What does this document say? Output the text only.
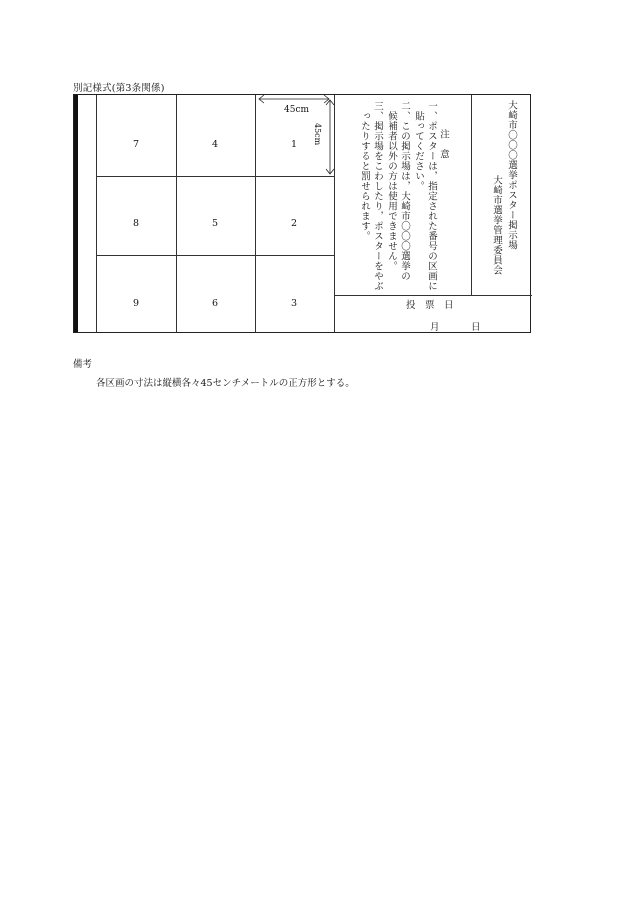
別記様式(第3条関係)
7	4	1
8	5	2
9	6	3
45cm
45cm	注　意
一、ポスターは，指定された番号の区画に
　貼ってください。
二、この掲示場は，大崎市〇〇〇選挙の
　候補者以外の方は使用できません。
三、掲示場をこわしたり，ポスターをやぶ
　ったりすると罰せられます。	大崎市〇〇〇選挙ポスター掲示場
大崎市選挙管理委員会
投　票　日
月	日
備考
各区画の寸法は縦横各々45センチメートルの正方形とする。
